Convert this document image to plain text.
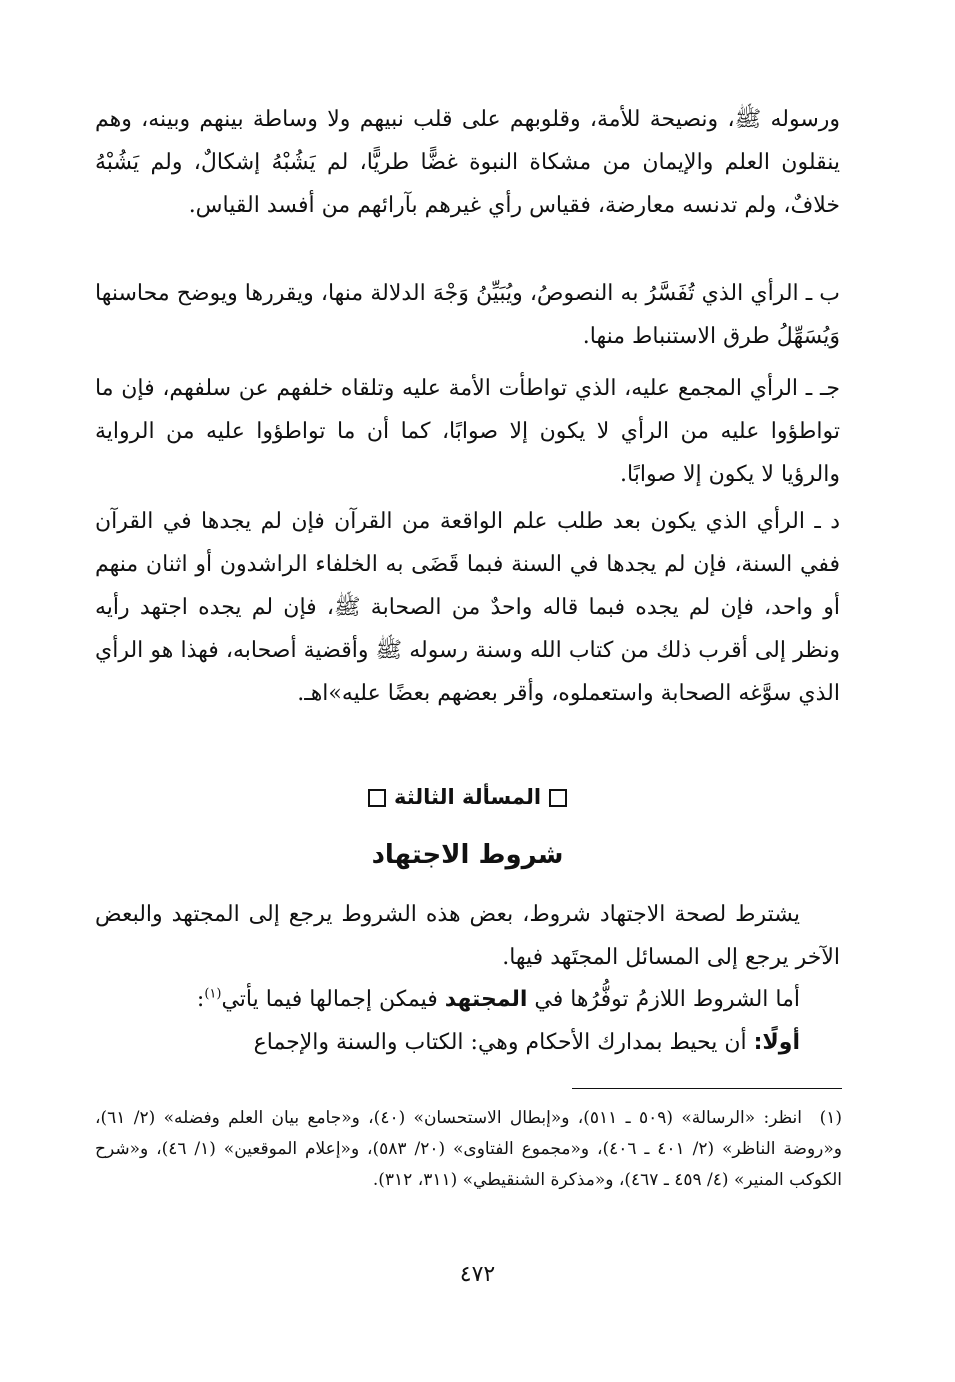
ورسوله ﷺ، ونصيحة للأمة، وقلوبهم على قلب نبيهم ولا وساطة بينهم وبينه، وهم ينقلون العلم والإيمان من مشكاة النبوة غضًّا طريًّا، لم يَشُبْهُ إشكالٌ، ولم يَشُبْهُ خلافٌ، ولم تدنسه معارضة، فقياس رأي غيرهم بآرائهم من أفسد القياس.

ب ـ الرأي الذي تُفَسَّرُ به النصوصُ، ويُبَيِّنُ وَجْهَ الدلالة منها، ويقررها ويوضح محاسنها وَيُسَهِّلُ طرق الاستنباط منها.

جـ ـ الرأي المجمع عليه، الذي تواطأت الأمة عليه وتلقاه خلفهم عن سلفهم، فإن ما تواطؤوا عليه من الرأي لا يكون إلا صوابًا، كما أن ما تواطؤوا عليه من الرواية والرؤيا لا يكون إلا صوابًا.

د ـ الرأي الذي يكون بعد طلب علم الواقعة من القرآن فإن لم يجدها في القرآن ففي السنة، فإن لم يجدها في السنة فبما قَضَى به الخلفاء الراشدون أو اثنان منهم أو واحد، فإن لم يجده فبما قاله واحدٌ من الصحابة ﷺ، فإن لم يجده اجتهد رأيه ونظر إلى أقرب ذلك من كتاب الله وسنة رسوله ﷺ وأقضية أصحابه، فهذا هو الرأي الذي سوَّغه الصحابة واستعملوه، وأقر بعضهم بعضًا عليه»اهـ.

المسألة الثالثة
شروط الاجتهاد

يشترط لصحة الاجتهاد شروط، بعض هذه الشروط يرجع إلى المجتهد والبعض الآخر يرجع إلى المسائل المجتَهد فيها.

أما الشروط اللازمُ توفُّرُها في المجتهد فيمكن إجمالها فيما يأتي$^{(١)}$:

أولًا: أن يحيط بمدارك الأحكام وهي: الكتاب والسنة والإجماع

(١)انظر: «الرسالة» (٥٠٩ ـ ٥١١)، و«إبطال الاستحسان» (٤٠)، و«جامع بيان العلم وفضله» (٢/ ٦١)، و«روضة الناظر» (٢/ ٤٠١ ـ ٤٠٦)، و«مجموع الفتاوى» (٢٠/ ٥٨٣)، و«إعلام الموقعين» (١/ ٤٦)، و«شرح الكوكب المنير» (٤/ ٤٥٩ ـ ٤٦٧)، و«مذكرة الشنقيطي» (٣١١، ٣١٢).
٤٧٢
